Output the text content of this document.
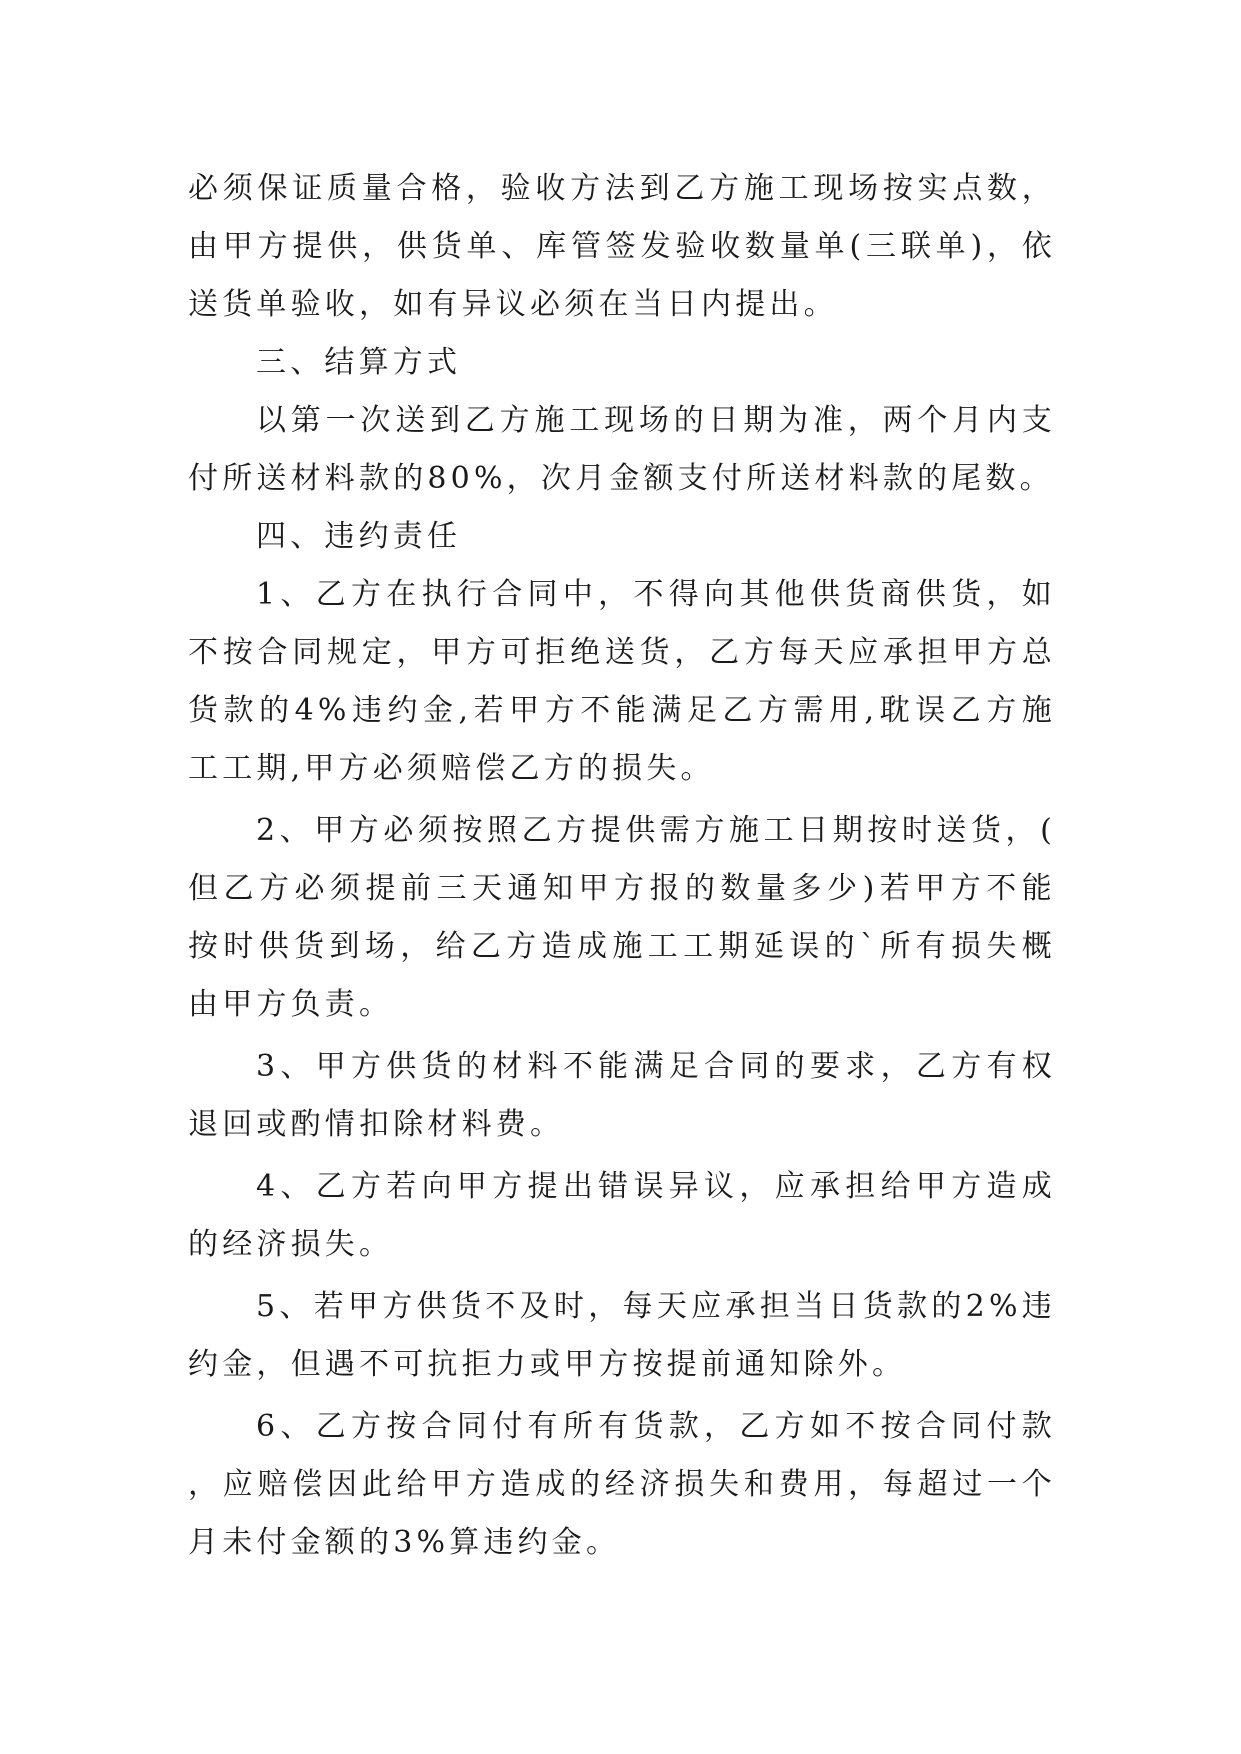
必须保证质量合格，验收方法到乙方施工现场按实点数，由甲方提供，供货单、库管签发验收数量单(三联单)，依送货单验收，如有异议必须在当日内提出。

三、结算方式

以第一次送到乙方施工现场的日期为准，两个月内支付所送材料款的80%，次月金额支付所送材料款的尾数。

四、违约责任

1、乙方在执行合同中，不得向其他供货商供货，如不按合同规定，甲方可拒绝送货，乙方每天应承担甲方总货款的4%违约金,若甲方不能满足乙方需用,耽误乙方施工工期,甲方必须赔偿乙方的损失。

2、甲方必须按照乙方提供需方施工日期按时送货，(但乙方必须提前三天通知甲方报的数量多少)若甲方不能按时供货到场，给乙方造成施工工期延误的`所有损失概由甲方负责。

3、甲方供货的材料不能满足合同的要求，乙方有权退回或酌情扣除材料费。

4、乙方若向甲方提出错误异议，应承担给甲方造成的经济损失。

5、若甲方供货不及时，每天应承担当日货款的2%违约金，但遇不可抗拒力或甲方按提前通知除外。

6、乙方按合同付有所有货款，乙方如不按合同付款，应赔偿因此给甲方造成的经济损失和费用，每超过一个月未付金额的3%算违约金。
